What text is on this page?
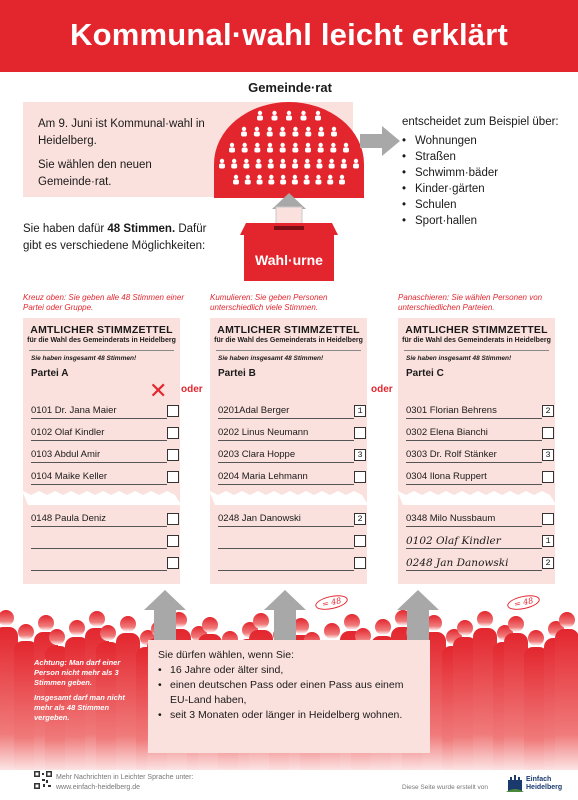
Kommunal·wahl leicht erklärt
Gemeinde·rat

Am 9. Juni ist Kommunal·wahl in Heidelberg.

Sie wählen den neuen Gemeinde·rat.

entscheidet zum Beispiel über:
• Wohnungen
• Straßen
• Schwimm·bäder
• Kinder·gärten
• Schulen
• Sport·hallen
Sie haben dafür 48 Stimmen. Dafür gibt es verschiedene Möglichkeiten:
Wahl·urne
Kreuz oben: Sie geben alle 48 Stimmen einer Partei oder Gruppe.
Kumulieren: Sie geben Personen unterschiedlich viele Stimmen.
Panaschieren: Sie wählen Personen von unterschiedlichen Parteien.
AMTLICHER STIMMZETTEL
für die Wahl des Gemeinderats in Heidelberg
Sie haben insgesamt 48 Stimmen!
Partei A
✕
0101 Dr. Jana Maier
0102 Olaf Kindler
0103 Abdul Amir
0104 Maike Keller
0148 Paula Deniz
AMTLICHER STIMMZETTEL
für die Wahl des Gemeinderats in Heidelberg
Sie haben insgesamt 48 Stimmen!
Partei B
0201Adal Berger	1
0202 Linus Neumann
0203 Clara Hoppe	3
0204 Maria Lehmann
0248 Jan Danowski	2
= 48
AMTLICHER STIMMZETTEL
für die Wahl des Gemeinderats in Heidelberg
Sie haben insgesamt 48 Stimmen!
Partei C
0301 Florian Behrens	2
0302 Elena Bianchi
0303 Dr. Rolf Stänker	3
0304 Ilona Ruppert
0348 Milo Nussbaum
0102 Olaf Kindler	1
0248 Jan Danowski	2
= 48
oder	oder

Achtung: Man darf einer Person nicht mehr als 3 Stimmen geben.

Insgesamt darf man nicht mehr als 48 Stimmen vergeben.

Sie dürfen wählen, wenn Sie:
• 16 Jahre oder älter sind,
• einen deutschen Pass oder einen Pass aus einem EU-Land haben,
• seit 3 Monaten oder länger in Heidelberg wohnen.
Mehr Nachrichten in Leichter Sprache unter:
www.einfach-heidelberg.de	Diese Seite wurde erstellt von
Einfach
Heidelberg
